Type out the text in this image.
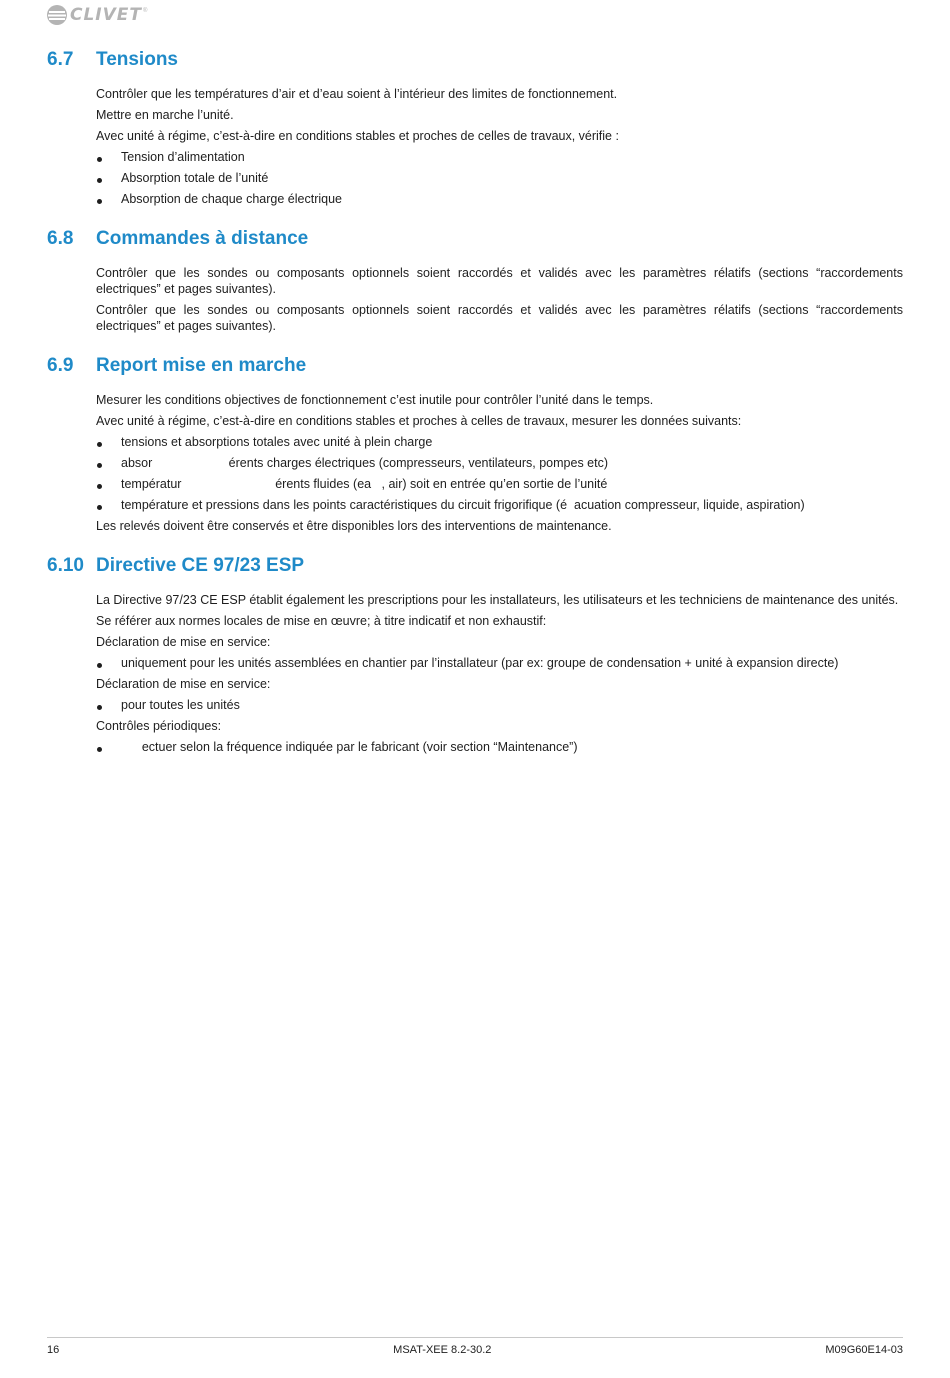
CLIVET ®
6.7	Tensions

Contrôler que les températures d’air et d’eau soient à l’intérieur des limites de fonctionnement.

Mettre en marche l’unité.

Avec unité à régime, c’est-à-dire en conditions stables et proches de celles de travaux, vérifie :

Tension d’alimentation
Absorption totale de l’unité
Absorption de chaque charge électrique
6.8	Commandes à distance

Contrôler que les sondes ou composants optionnels soient raccordés et validés avec les paramètres rélatifs (sections “raccordements electriques” et pages suivantes).

Contrôler que les sondes ou composants optionnels soient raccordés et validés avec les paramètres rélatifs (sections “raccordements electriques” et pages suivantes).

6.9	Report mise en marche

Mesurer les conditions objectives de fonctionnement c’est inutile pour contrôler l’unité dans le temps.

Avec unité à régime, c’est-à-dire en conditions stables et proches à celles de travaux, mesurer les données suivants:

tensions et absorptions totales avec unité à plein charge
absor                      érents charges électriques (compresseurs, ventilateurs, pompes etc)
températur                           érents fluides (ea   , air) soit en entrée qu’en sortie de l’unité
température et pressions dans les points caractéristiques du circuit frigorifique (é  acuation compresseur, liquide, aspiration)

Les relevés doivent être conservés et être disponibles lors des interventions de maintenance.

6.10 Directive CE 97/23 ESP

La Directive 97/23 CE ESP établit également les prescriptions pour les installateurs, les utilisateurs et les techniciens de maintenance des unités.

Se référer aux normes locales de mise en œuvre; à titre indicatif et non exhaustif:

Déclaration de mise en service:

uniquement pour les unités assemblées en chantier par l’installateur (par ex: groupe de condensation + unité à expansion directe)

Déclaration de mise en service:

pour toutes les unités

Contrôles périodiques:

ectuer selon la fréquence indiquée par le fabricant (voir section “Maintenance”)
16	MSAT-XEE 8.2-30.2	M09G60E14-03
